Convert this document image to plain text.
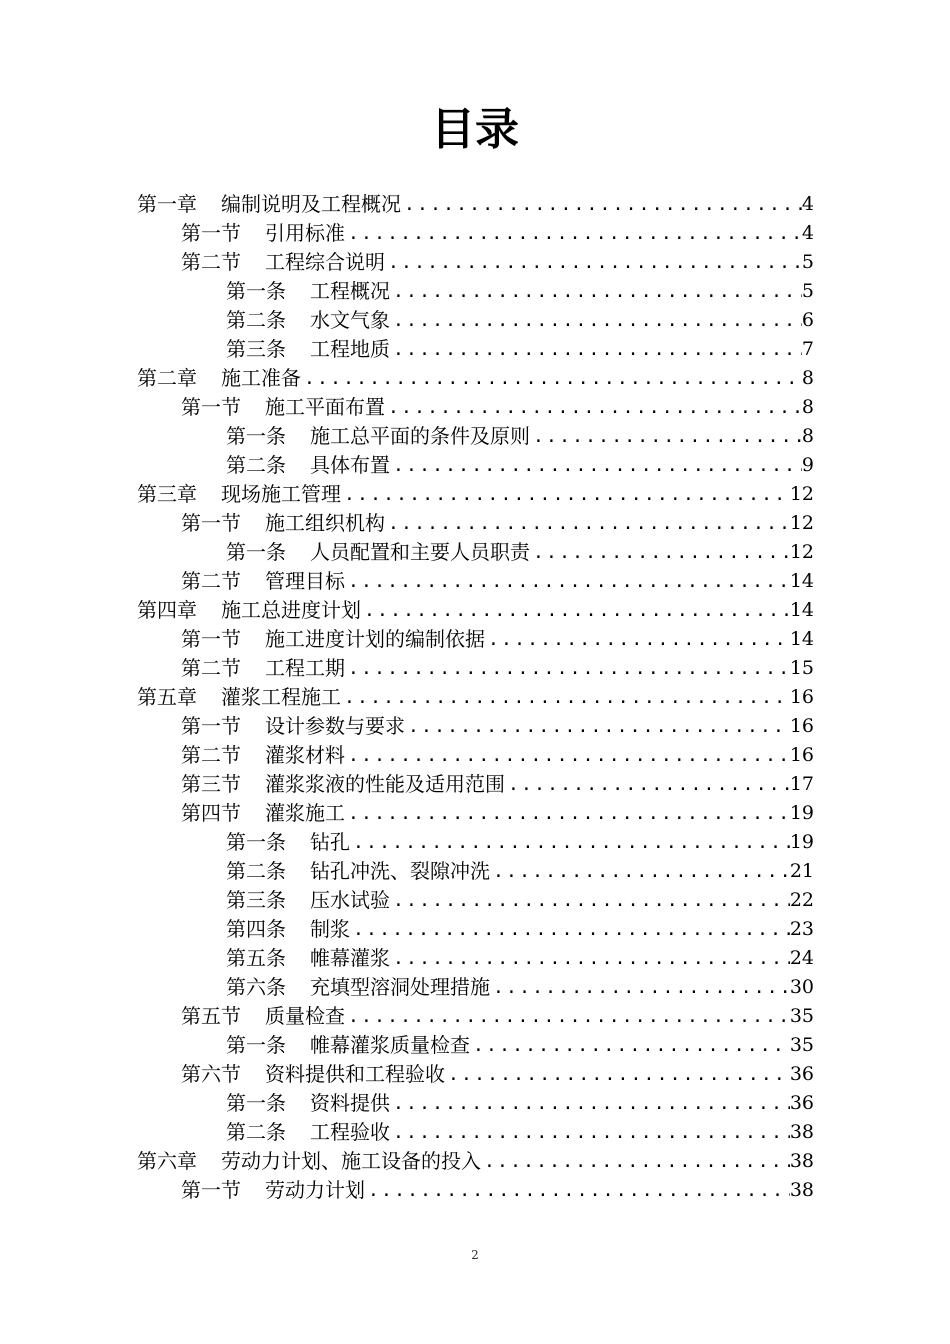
目录
第一章 编制说明及工程概况 .....	4
第一节 引用标准 .....	4
第二节 工程综合说明 .....	5
第一条 工程概况 .....	5
第二条 水文气象 .....	6
第三条 工程地质 .....	7
第二章 施工准备 .....	8
第一节 施工平面布置 .....	8
第一条 施工总平面的条件及原则 .....	8
第二条 具体布置 .....	9
第三章 现场施工管理 .....	12
第一节 施工组织机构 .....	12
第一条 人员配置和主要人员职责 .....	12
第二节 管理目标 .....	14
第四章 施工总进度计划 .....	14
第一节 施工进度计划的编制依据 .....	14
第二节 工程工期 .....	15
第五章 灌浆工程施工 .....	16
第一节 设计参数与要求 .....	16
第二节 灌浆材料 .....	16
第三节 灌浆浆液的性能及适用范围 .....	17
第四节 灌浆施工 .....	19
第一条 钻孔 .....	19
第二条 钻孔冲洗、裂隙冲洗 .....	21
第三条 压水试验 .....	22
第四条 制浆 .....	23
第五条 帷幕灌浆 .....	24
第六条 充填型溶洞处理措施 .....	30
第五节 质量检查 .....	35
第一条 帷幕灌浆质量检查 .....	35
第六节 资料提供和工程验收 .....	36
第一条 资料提供 .....	36
第二条 工程验收 .....	38
第六章 劳动力计划、施工设备的投入 .....	38
第一节 劳动力计划 .....	38
2
